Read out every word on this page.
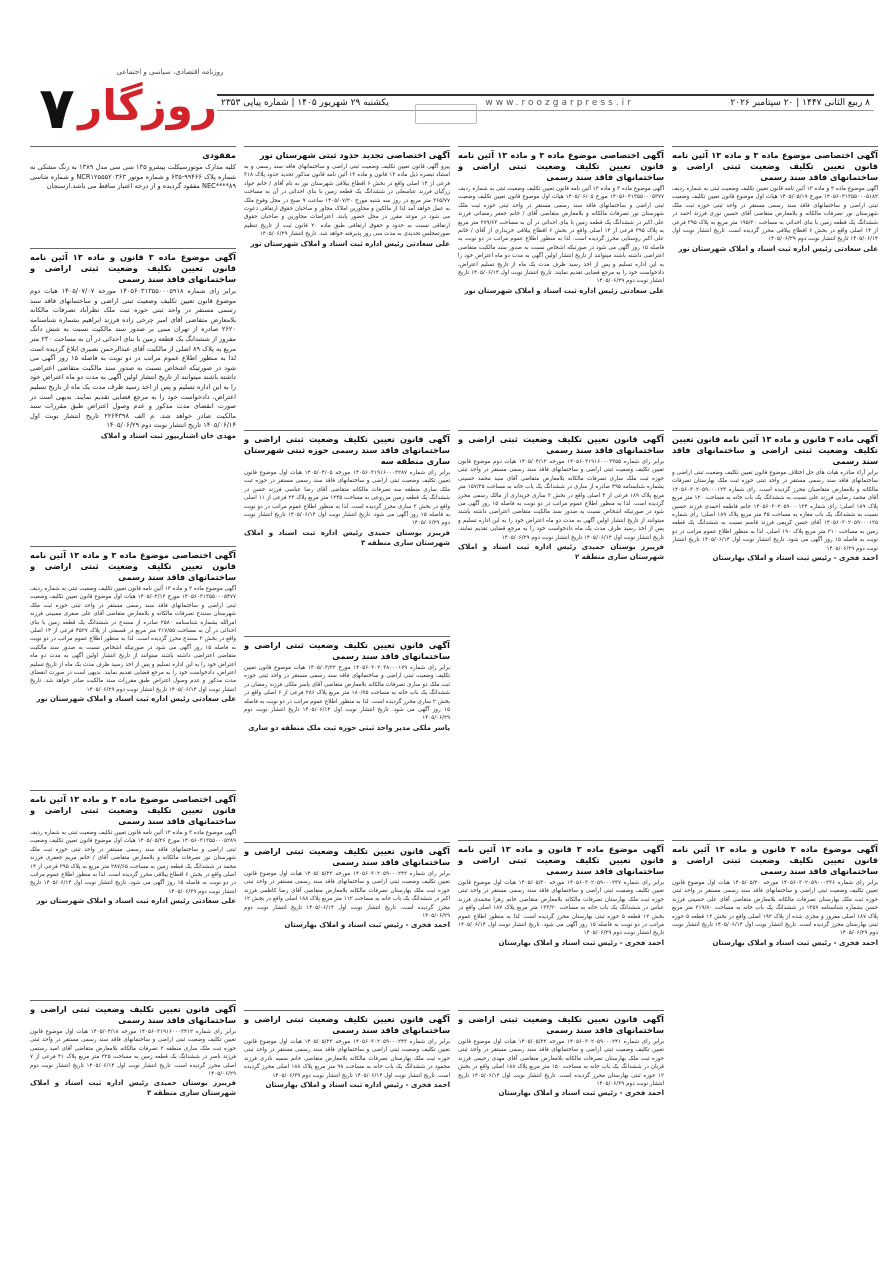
۷ روزگار
روزنامه اقتصادی، سیاسی و اجتماعی
۸ ربیع الثانی ۱۴۴۷ | ۲۰ سپتامبر ۲۰۲۶
www.roozgarpress.ir
یکشنبه ۲۹ شهریور ۱۴۰۵ | شماره پیاپی ۲۳۵۳
مفقودی

کلیه مدارک موتورسیکلت پیشرو ۱۳۵ سی سی مدل ۱۳۸۹ به رنگ مشکی به شماره پلاک ۹۹۴۶۶-۶۳۵ و شماره موتور NCR۱۲۵۵۵۲۰۳۶۳ و شماره شاسی NEC****۸۹ مفقود گردیده و از درجه اعتبار ساقط می باشد.ارسنجان

آگهی موضوع ماده ۳ قانون و ماده ۱۳ آئین نامه قانون تعیین تکلیف وضعیت ثبتی اراضی و ساختمانهای فاقد سند رسمی

برابر رای شماره ۱۴۰۵۶۰۳۱۳۵۵۰۰۰۵۹۱۸ مورخه ۱۴۰۵/۰۷/۰۷ هیات دوم موضوع قانون تعیین تکلیف وضعیت ثبتی اراضی و ساختمانهای فاقد سند رسمی مستقر در واحد ثبتی حوزه ثبت ملک نظرآباد تصرفات مالکانه بلامعارض متقاضی آقای امیر چرخی زاده فرزند ابراهیم بشماره شناسنامه ۲۶۲۰ صادره از تهران مبنی بر صدور سند مالکیت نسبت به شش دانگ مفروز از ششدانگ یک قطعه زمین با بنای احداثی در آن به مساحت ۲۳۰ متر مربع به پلاک ۸۹ اصلی از مالکیت آقای عبدالرحمن نصیری ابلاغ گردیده است لذا به منظور اطلاع عموم مراتب در دو نوبت به فاصله ۱۵ روز آگهی می شود در صورتیکه اشخاص نسبت به صدور سند مالکیت متقاضی اعتراضی داشته باشند میتوانند از تاریخ انتشار اولین آگهی به مدت دو ماه اعتراض خود را به این اداره تسلیم و پس از اخذ رسید ظرف مدت یک ماه از تاریخ تسلیم اعتراض، دادخواست خود را به مرجع قضایی تقدیم نمایند. بدیهی است در صورت انقضای مدت مذکور و عدم وصول اعتراض طبق مقررات سند مالکیت صادر خواهد شد. م الف ۲۲۶۴۳۹۸ تاریخ انتشار نوبت اول ۱۴۰۵/۰۶/۱۴ تاریخ انتشار نوبت دوم ۱۴۰۵/۰۶/۲۹

مهدی خان اشناریپور ثبت اسناد و املاک

آگهی اختصاصی موضوع ماده ۳ و ماده ۱۳ آئین نامه قانون تعیین تکلیف وضعیت ثبتی اراضی و ساختمانهای فاقد سند رسمی

آگهی موضوع ماده ۳ و ماده ۱۳ آئین نامه قانون تعیین تکلیف وضعیت ثبتی به شماره ردیف ۱۴۰۵۶۰۳۱۳۵۵۰۰۰۵۴۷۷ مورخ ۱۴۰۵/۰۲/۱۳ هیات اول موضوع قانون تعیین تکلیف وضعیت ثبتی اراضی و ساختمانهای فاقد سند رسمی مستقر در واحد ثبتی حوزه ثبت ملک شهرستان سنندج تصرفات مالکانه و بلامعارض متقاضی آقای علی صفری ممبینی فرزند امرالله بشماره شناسنامه ۲۵۸۰ صادره از سنندج در ششدانگ یک قطعه زمین با بنای احداثی در آن به مساحت ۳۱۷/۵۵ متر مربع در قسمتی از پلاک ۴۵۲۷ فرعی از ۱۴ اصلی واقع در بخش ۲ سنندج محرز گردیده است. لذا به منظور اطلاع عموم مراتب در دو نوبت به فاصله ۱۵ روز آگهی می شود در صورتیکه اشخاص نسبت به صدور سند مالکیت متقاضی اعتراضی داشته باشند میتوانند از تاریخ انتشار اولین آگهی به مدت دو ماه اعتراض خود را به این اداره تسلیم و پس از اخذ رسید ظرف مدت یک ماه از تاریخ تسلیم اعتراض، دادخواست خود را به مرجع قضایی تقدیم نمایند. بدیهی است در صورت انقضای مدت مذکور و عدم وصول اعتراض طبق مقررات سند مالکیت صادر خواهد شد. تاریخ انتشار نوبت اول ۱۴۰۵/۰۶/۱۴ تاریخ انتشار نوبت دوم ۱۴۰۵/۰۶/۲۹

علی سعادتی رئیس اداره ثبت اسناد و املاک شهرستان نور

آگهی اختصاصی موضوع ماده ۳ و ماده ۱۳ آئین نامه قانون تعیین تکلیف وضعیت ثبتی اراضی و ساختمانهای فاقد سند رسمی

آگهی موضوع ماده ۳ و ماده ۱۳ آئین نامه قانون تعیین تکلیف وضعیت ثبتی به شماره ردیف ۱۴۰۵۶۰۳۱۳۵۵۰۰۰۵۲۸۹ مورخ ۱۴۰۵/۰۵/۲۶ هیات اول موضوع قانون تعیین تکلیف وضعیت ثبتی اراضی و ساختمانهای فاقد سند رسمی مستقر در واحد ثبتی حوزه ثبت ملک شهرستان نور تصرفات مالکانه و بلامعارض متقاضی آقای / خانم مریم جعفری فرزند محمد در ششدانگ یک قطعه زمین به مساحت ۲۸۷/۶۵ متر مربع به پلاک ۳۹۵ فرعی از ۱۴ اصلی واقع در بخش ۶ اقطاع ییلاقی محرز گردیده است. لذا به منظور اطلاع عموم مراتب در دو نوبت به فاصله ۱۵ روز آگهی می شود. تاریخ انتشار نوبت اول ۱۴۰۵/۰۶/۱۴ تاریخ انتشار نوبت دوم ۱۴۰۵/۰۶/۲۹

علی سعادتی رئیس اداره ثبت اسناد و املاک شهرستان نور

آگهی قانون تعیین تکلیف وضعیت ثبتی اراضی و ساختمانهای فاقد سند رسمی

برابر رای شماره ۱۴۰۵۶۰۳۱۹۱۶۰۰۰۳۴۱۲ مورخه ۱۴۰۵/۰۴/۱۸ هیات اول موضوع قانون تعیین تکلیف وضعیت ثبتی اراضی و ساختمانهای فاقد سند رسمی مستقر در واحد ثبتی حوزه ثبت ملک ساری منطقه ۳ تصرفات مالکانه بلامعارض متقاضی آقای امید رستمی فرزند ناصر در ششدانگ یک قطعه زمین به مساحت ۳۲۵ متر مربع پلاک ۴۱ فرعی از ۷ اصلی محرز گردیده است. تاریخ انتشار نوبت اول ۱۴۰۵/۰۶/۱۴ تاریخ انتشار نوبت دوم ۱۴۰۵/۰۶/۲۹

فریبرز بوستان حمیدی رئیس اداره ثبت اسناد و املاک شهرستان ساری منطقه ۳

آگهی اختصاصی تجدید حدود ثبتی شهرستان نور

پیرو آگهی قانون تعیین تکلیف وضعیت ثبتی اراضی و ساختمانهای فاقد سند رسمی و به استناد تبصره ذیل ماده ۱۳ قانون و ماده ۱۳ آئین نامه قانون مذکور تحدید حدود پلاک ۳۱۸ فرعی از ۱۴ اصلی واقع در بخش ۶ اقطاع ییلاقی شهرستان نور به نام آقای / خانم جواد زرگیان فرزند عباسعلی در ششدانگ یک قطعه زمین با بنای احداثی در آن به مساحت ۲۶۵/۷۷ متر مربع در روز سه شنبه مورخ ۱۴۰۵/۰۷/۲۰ ساعت ۹ صبح در محل وقوع ملک به عمل خواهد آمد لذا از مالکین و مجاورین املاک مجاور و صاحبان حقوق ارتفاقی دعوت می شود در موعد مقرر در محل حضور یابند. اعتراضات مجاورین و صاحبان حقوق ارتفاقی نسبت به حدود و حقوق ارتفاقی طبق ماده ۲۰ قانون ثبت از تاریخ تنظیم صورتمجلس تحدیدی به مدت سی روز پذیرفته خواهد شد. تاریخ انتشار ۱۴۰۵/۰۶/۲۹

علی سعادتی رئیس اداره ثبت اسناد و املاک شهرستان نور

آگهی قانون تعیین تکلیف وضعیت ثبتی اراضی و ساختمانهای فاقد سند رسمی حوزه ثبتی شهرستان ساری منطقه سه

برابر رای شماره ۱۴۰۵۶۰۳۱۹۱۶۰۰۰۳۲۸۷ مورخه ۱۴۰۵/۰۴/۰۵ هیات اول موضوع قانون تعیین تکلیف وضعیت ثبتی اراضی و ساختمانهای فاقد سند رسمی مستقر در حوزه ثبت ملک ساری منطقه سه تصرفات مالکانه متقاضی آقای رضا عباسی فرزند حسن در ششدانگ یک قطعه زمین مزروعی به مساحت ۱۲۴۵ متر مربع پلاک ۲۳ فرعی از ۱۱ اصلی واقع در بخش ۳ ساری محرز گردیده است. لذا به منظور اطلاع عموم مراتب در دو نوبت به فاصله ۱۵ روز آگهی می شود. تاریخ انتشار نوبت اول ۱۴۰۵/۰۶/۱۴ تاریخ انتشار نوبت دوم ۱۴۰۵/۰۶/۲۹

فریبرز بوستان حمیدی رئیس اداره ثبت اسناد و املاک شهرستان ساری منطقه ۳

آگهی قانون تعیین تکلیف وضعیت ثبتی اراضی و ساختمانهای فاقد سند رسمی

برابر رای شماره ۱۴۰۵۶۰۳۰۲۰۳۸۰۰۰۱۷۹ مورخ ۱۴۰۵/۰۳/۲۲ هیات موضوع قانون تعیین تکلیف وضعیت ثبتی اراضی و ساختمانهای فاقد سند رسمی مستقر در واحد ثبتی حوزه ثبت ملک دو ساری تصرفات مالکانه بلامعارض متقاضی آقای یاسر ملکی فرزند رمضان در ششدانگ یک باب خانه به مساحت ۱۸۰/۷۵ متر مربع پلاک ۲۸۶ فرعی از ۶ اصلی واقع در بخش ۲ ساری محرز گردیده است. لذا به منظور اطلاع عموم مراتب در دو نوبت به فاصله ۱۵ روز آگهی می شود. تاریخ انتشار نوبت اول ۱۴۰۵/۰۶/۱۴ تاریخ انتشار نوبت دوم ۱۴۰۵/۰۶/۲۹

یاسر ملکی مدیر واحد ثبتی حوزه ثبت ملک منطقه دو ساری

آگهی قانون تعیین تکلیف وضعیت ثبتی اراضی و ساختمانهای فاقد سند رسمی

برابر رای شماره ۱۴۰۵۶۰۳۰۲۰۵۹۰۰۰۲۴۲ مورخه ۱۴۰۵/۰۵/۲۲ هیات اول موضوع قانون تعیین تکلیف وضعیت ثبتی اراضی و ساختمانهای فاقد سند رسمی مستقر در واحد ثبتی حوزه ثبت ملک بهارستان تصرفات مالکانه بلامعارض متقاضی آقای رضا کاظمی فرزند اکبر در ششدانگ یک باب خانه به مساحت ۱۱۲ متر مربع پلاک ۱۸۸ اصلی واقع در بخش ۱۲ محرز گردیده است. تاریخ انتشار نوبت اول ۱۴۰۵/۰۶/۱۴ تاریخ انتشار نوبت دوم ۱۴۰۵/۰۶/۲۹

احمد فخری - رئیس ثبت اسناد و املاک بهارستان

آگهی قانون تعیین تکلیف وضعیت ثبتی اراضی و ساختمانهای فاقد سند رسمی

برابر رای شماره ۱۴۰۵۶۰۳۰۲۰۵۹۰۰۰۲۴۳ مورخه ۱۴۰۵/۰۵/۲۲ هیات اول موضوع قانون تعیین تکلیف وضعیت ثبتی اراضی و ساختمانهای فاقد سند رسمی مستقر در واحد ثبتی حوزه ثبت ملک بهارستان تصرفات مالکانه بلامعارض متقاضی خانم سمیه نادری فرزند محمود در ششدانگ یک باب خانه به مساحت ۹۸ متر مربع پلاک ۱۸۸ اصلی محرز گردیده است. تاریخ انتشار نوبت اول ۱۴۰۵/۰۶/۱۴ تاریخ انتشار نوبت دوم ۱۴۰۵/۰۶/۲۹

احمد فخری - رئیس اداره ثبت اسناد و املاک بهارستان

آگهی اختصاصی موضوع ماده ۳ و ماده ۱۳ آئین نامه قانون تعیین تکلیف وضعیت ثبتی اراضی و ساختمانهای فاقد سند رسمی

آگهی موضوع ماده ۳ و ماده ۱۳ آئین نامه قانون تعیین تکلیف وضعیت ثبتی به شماره ردیف ۱۴۰۵۶۰۳۱۳۵۵۰۰۰۵۳۷۷ مورخ ۱۴۰۵/۰۶/۰۵ هیات اول موضوع قانون تعیین تکلیف وضعیت ثبتی اراضی و ساختمانهای فاقد سند رسمی مستقر در واحد ثبتی حوزه ثبت ملک شهرستان نور تصرفات مالکانه و بلامعارض متقاضی آقای / خانم جعفر رمضانی فرزند علی اکبر در ششدانگ یک قطعه زمین با بنای احداثی در آن به مساحت ۲۷۹/۶۳ متر مربع به پلاک ۳۹۵ فرعی از ۱۴ اصلی واقع در بخش ۶ اقطاع ییلاقی خریداری از آقای / خانم علی اکبر روستایی محرز گردیده است. لذا به منظور اطلاع عموم مراتب در دو نوبت به فاصله ۱۵ روز آگهی می شود در صورتیکه اشخاص نسبت به صدور سند مالکیت متقاضی اعتراضی داشته باشند میتوانند از تاریخ انتشار اولین آگهی به مدت دو ماه اعتراض خود را به این اداره تسلیم و پس از اخذ رسید ظرف مدت یک ماه از تاریخ تسلیم اعتراض، دادخواست خود را به مرجع قضایی تقدیم نمایند. تاریخ انتشار نوبت اول ۱۴۰۵/۰۶/۱۴ تاریخ انتشار نوبت دوم ۱۴۰۵/۰۶/۲۹

علی سعادتی رئیس اداره ثبت اسناد و املاک شهرستان نور

آگهی قانون تعیین تکلیف وضعیت ثبتی اراضی و ساختمانهای فاقد سند رسمی

برابر رای شماره ۱۴۰۵۶۰۳۱۹۱۶۰۰۰۳۳۵۵ مورخه ۱۴۰۵/۰۴/۱۲ هیات دوم موضوع قانون تعیین تکلیف وضعیت ثبتی اراضی و ساختمانهای فاقد سند رسمی مستقر در واحد ثبتی حوزه ثبت ملک ساری تصرفات مالکانه بلامعارض متقاضی آقای سید محمد حسینی بشماره شناسنامه ۴۹۵ صادره از ساری در ششدانگ یک باب خانه به مساحت ۱۵۷/۲۵ متر مربع پلاک ۱۸۹ فرعی از ۴ اصلی واقع در بخش ۲ ساری خریداری از مالک رسمی محرز گردیده است. لذا به منظور اطلاع عموم مراتب در دو نوبت به فاصله ۱۵ روز آگهی می شود در صورتیکه اشخاص نسبت به صدور سند مالکیت متقاضی اعتراضی داشته باشند میتوانند از تاریخ انتشار اولین آگهی به مدت دو ماه اعتراض خود را به این اداره تسلیم و پس از اخذ رسید ظرف مدت یک ماه دادخواست خود را به مرجع قضایی تقدیم نمایند. تاریخ انتشار نوبت اول ۱۴۰۵/۰۶/۱۴ تاریخ انتشار نوبت دوم ۱۴۰۵/۰۶/۲۹

فریبرز بوستان حمیدی رئیس اداره ثبت اسناد و املاک شهرستان ساری منطقه ۲

آگهی موضوع ماده ۳ قانون و ماده ۱۳ آئین نامه قانون تعیین تکلیف وضعیت ثبتی اراضی و ساختمانهای فاقد سند رسمی

برابر رای شماره ۱۴۰۵۶۰۳۰۲۰۵۹۰۰۰۲۳۷ مورخه ۱۴۰۵/۰۵/۲۰ هیات اول موضوع قانون تعیین تکلیف وضعیت ثبتی اراضی و ساختمانهای فاقد سند رسمی مستقر در واحد ثبتی حوزه ثبت ملک بهارستان تصرفات مالکانه بلامعارض متقاضی خانم زهرا محمدی فرزند عباس در ششدانگ یک باب خانه به مساحت ۱۳۳/۲۰ متر مربع پلاک ۱۸۷ اصلی واقع در بخش ۱۲ قطعه ۵ حوزه ثبتی بهارستان محرز گردیده است. لذا به منظور اطلاع عموم مراتب در دو نوبت به فاصله ۱۵ روز آگهی می شود. تاریخ انتشار نوبت اول ۱۴۰۵/۰۶/۱۴ تاریخ انتشار نوبت دوم ۱۴۰۵/۰۶/۲۹

احمد فخری - رئیس ثبت اسناد و املاک بهارستان

آگهی قانون تعیین تکلیف وضعیت ثبتی اراضی و ساختمانهای فاقد سند رسمی

برابر رای شماره ۱۴۰۵۶۰۳۰۲۰۵۹۰۰۰۲۴۱ مورخه ۱۴۰۵/۰۵/۲۲ هیات اول موضوع قانون تعیین تکلیف وضعیت ثبتی اراضی و ساختمانهای فاقد سند رسمی مستقر در واحد ثبتی حوزه ثبت ملک بهارستان تصرفات مالکانه بلامعارض متقاضی آقای مهدی رحیمی فرزند قربان در ششدانگ یک باب خانه به مساحت ۱۵۰ متر مربع پلاک ۱۸۸ اصلی واقع در بخش ۱۲ حوزه ثبتی بهارستان محرز گردیده است. تاریخ انتشار نوبت اول ۱۴۰۵/۰۶/۱۴ تاریخ انتشار نوبت دوم ۱۴۰۵/۰۶/۲۹

احمد فخری - رئیس ثبت اسناد و املاک بهارستان

آگهی اختصاصی موضوع ماده ۳ و ماده ۱۳ آئین نامه قانون تعیین تکلیف وضعیت ثبتی اراضی و ساختمانهای فاقد سند رسمی

آگهی موضوع ماده ۳ و ماده ۱۳ آئین نامه قانون تعیین تکلیف وضعیت ثبتی به شماره ردیف ۱۴۰۵۶۰۳۱۳۵۵۰۰۰۵۱۸۲ مورخ ۱۴۰۵/۰۵/۱۹ هیات اول موضوع قانون تعیین تکلیف وضعیت ثبتی اراضی و ساختمانهای فاقد سند رسمی مستقر در واحد ثبتی حوزه ثبت ملک شهرستان نور تصرفات مالکانه و بلامعارض متقاضی آقای حسین نوری فرزند احمد در ششدانگ یک قطعه زمین با بنای احداثی به مساحت ۱۹۵/۲۰ متر مربع به پلاک ۳۹۵ فرعی از ۱۴ اصلی واقع در بخش ۶ اقطاع ییلاقی محرز گردیده است. تاریخ انتشار نوبت اول ۱۴۰۵/۰۶/۱۴ تاریخ انتشار نوبت دوم ۱۴۰۵/۰۶/۲۹

علی سعادتی رئیس اداره ثبت اسناد و املاک شهرستان نور

آگهی ماده ۳ قانون و ماده ۱۳ آئین نامه قانون تعیین تکلیف وضعیت ثبتی اراضی و ساختمانهای فاقد سند رسمی

برابر آراء صادره هیات های حل اختلاف موضوع قانون تعیین تکلیف وضعیت ثبتی اراضی و ساختمانهای فاقد سند رسمی مستقر در واحد ثبتی حوزه ثبت ملک بهارستان تصرفات مالکانه و بلامعارض متقاضیان محرز گردیده است. رای شماره ۱۴۰۵۶۰۳۰۲۰۵۹۰۰۰۱۲۳ آقای محمد رضایی فرزند علی نسبت به ششدانگ یک باب خانه به مساحت ۱۲۰ متر مربع پلاک ۱۸۹ اصلی؛ رای شماره ۱۴۰۵۶۰۳۰۲۰۵۹۰۰۰۱۲۴ خانم فاطمه احمدی فرزند حسین نسبت به ششدانگ یک باب مغازه به مساحت ۴۵ متر مربع پلاک ۱۸۹ اصلی؛ رای شماره ۱۴۰۵۶۰۳۰۲۰۵۹۰۰۰۱۲۵ آقای حسن کریمی فرزند قاسم نسبت به ششدانگ یک قطعه زمین به مساحت ۲۱۰ متر مربع پلاک ۱۹۰ اصلی. لذا به منظور اطلاع عموم مراتب در دو نوبت به فاصله ۱۵ روز آگهی می شود. تاریخ انتشار نوبت اول ۱۴۰۵/۰۶/۱۴ تاریخ انتشار نوبت دوم ۱۴۰۵/۰۶/۲۹

احمد فخری - رئیس ثبت اسناد و املاک بهارستان

آگهی موضوع ماده ۳ قانون و ماده ۱۳ آئین نامه قانون تعیین تکلیف وضعیت ثبتی اراضی و ساختمانهای فاقد سند رسمی

برابر رای شماره ۱۴۰۵۶۰۳۰۲۰۵۹۰۰۰۲۳۶ مورخه ۱۴۰۵/۰۵/۲۰ هیات اول موضوع قانون تعیین تکلیف وضعیت ثبتی اراضی و ساختمانهای فاقد سند رسمی مستقر در واحد ثبتی حوزه ثبت ملک بهارستان تصرفات مالکانه بلامعارض متقاضی آقای علی حسینی فرزند حسن بشماره شناسنامه ۱۲۵۷ در ششدانگ یک باب خانه به مساحت ۲۱۹/۸۰ متر مربع پلاک ۱۸۷ اصلی مفروز و مجزی شده از پلاک ۱۹۲ اصلی واقع در بخش ۱۲ قطعه ۵ حوزه ثبتی بهارستان محرز گردیده است. تاریخ انتشار نوبت اول ۱۴۰۵/۰۶/۱۴ تاریخ انتشار نوبت دوم ۱۴۰۵/۰۶/۲۹

احمد فخری - رئیس ثبت اسناد و املاک بهارستان
